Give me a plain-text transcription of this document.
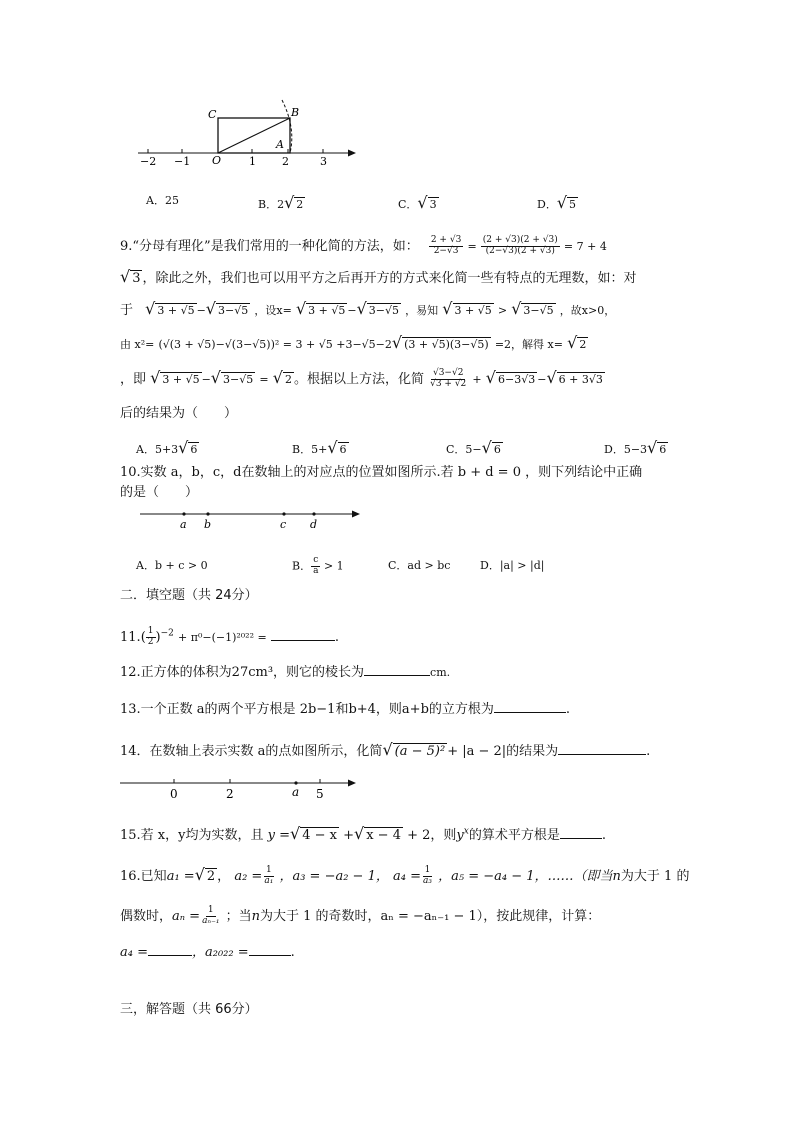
C	B
A
O
−2 −1	1 2	3
A．25	B．2√ 2	C．√ 3	D．√ 5
9.“分母有理化”是我们常用的一种化简的方法，如： $\frac{2 + √3}{2-√3} = \frac{(2 + √3)(2 + √3)}{(2-√3)(2 + √3)} = 7 + 4$
√ 3 ，除此之外，我们也可以用平方之后再开方的方式来化简一些有特点的无理数，如：对
于 √ 3 + √5 −√ 3−√5 ，设x= √ 3 + √5 −√ 3−√5 ，易知 √ 3 + √5 > √ 3−√5 ，故x>0，
由 x²= (√(3 + √5)−√(3−√5))² = 3 + √5 +3−√5−2√ (3 + √5)(3−√5) =2，解得 x= √ 2
，即 √ 3 + √5 −√ 3−√5 = √ 2 。根据以上方法，化简 $\frac{√3-√2}{√3 + √2}$ + √ 6−3√3 −√ 6 + 3√3
后的结果为（　　）
A．5+3√ 6	B．5+√ 6	C．5−√ 6	D．5−3√ 6
10.实数 a，b，c，d在数轴上的对应点的位置如图所示.若 b + d = 0 ，则下列结论中正确
的是（　　）
a b	c d
A．b + c > 0	B． $\frac{c}{a} > 1$	C．ad > bc	D．|a| > |d|
二．填空题（共 24分）
$11.( \frac{1}{2} )^{-2} + \pi^0-(-1)^{2022}$ =	.
12.正方体的体积为27cm³，则它的棱长为	cm.
13.一个正数 a的两个平方根是 2b−1和b+4，则a+b的立方根为	.
14．在数轴上表示实数 a的点如图所示，化简√ (a − 5)² + |a − 2|的结果为	.
0	2	a 5
15.若 x，y均为实数，且 y =√ 4 − x +√ x − 4 + 2，则$y^x$的算术平方根是	.
16.已知a₁ =√ 2 ， $a_2 = \frac{1}{\text{a₁}}$ ，a₃ = −a₂ − 1， $a_4 = \frac{1}{\text{a₃}}$ ，a₅ = −a₄ − 1，……（即当n为大于 1 的
偶数时，$a_n = \frac{1}{\text{aₙ₋₁}}$ ；当n为大于 1 的奇数时，aₙ = −aₙ₋₁ − 1），按此规律，计算：
a₄ =	，a₂₀₂₂ =	.
三，解答题（共 66分）
